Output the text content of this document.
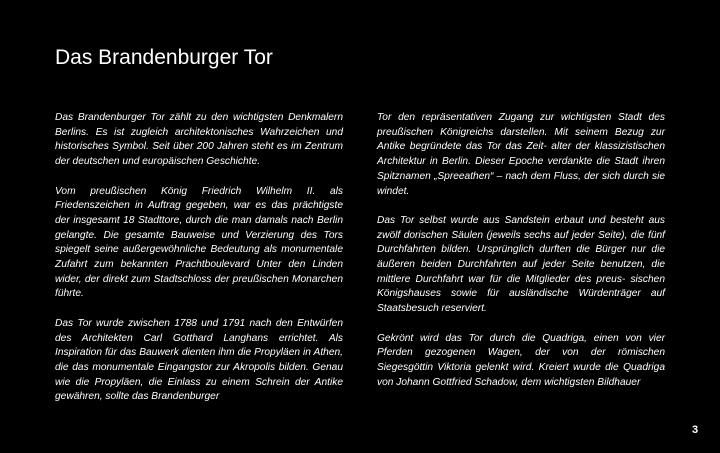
Das Brandenburger Tor

Das Brandenburger Tor zählt zu den wichtigsten Denkmalern Berlins. Es ist zugleich architektonisches Wahrzeichen und historisches Symbol. Seit über 200 Jahren steht es im Zentrum der deutschen und europäischen Geschichte.

Vom preußischen König Friedrich Wilhelm II. als Friedenszeichen in Auftrag gegeben, war es das prächtigste der insgesamt 18 Stadttore, durch die man damals nach Berlin gelangte. Die gesamte Bauweise und Verzierung des Tors spiegelt seine außergewöhnliche Bedeutung als monumentale Zufahrt zum bekannten Prachtboulevard Unter den Linden wider, der direkt zum Stadtschloss der preußischen Monarchen führte.

Das Tor wurde zwischen 1788 und 1791 nach den Entwürfen des Architekten Carl Gotthard Langhans errichtet. Als Inspiration für das Bauwerk dienten ihm die Propyläen in Athen, die das monumentale Eingangstor zur Akropolis bilden. Genau wie die Propyläen, die Einlass zu einem Schrein der Antike gewähren, sollte das Brandenburger

Tor den repräsentativen Zugang zur wichtigsten Stadt des preußischen Königreichs darstellen. Mit seinem Bezug zur Antike begründete das Tor das Zeit- alter der klassizistischen Architektur in Berlin. Dieser Epoche verdankte die Stadt ihren Spitznamen „Spreeathen“ – nach dem Fluss, der sich durch sie windet.

Das Tor selbst wurde aus Sandstein erbaut und besteht aus zwölf dorischen Säulen (jeweils sechs auf jeder Seite), die fünf Durchfahrten bilden. Ursprünglich durften die Bürger nur die äußeren beiden Durchfahrten auf jeder Seite benutzen, die mittlere Durchfahrt war für die Mitglieder des preus- sischen Königshauses sowie für ausländische Würdenträger auf Staatsbesuch reserviert.

Gekrönt wird das Tor durch die Quadriga, einen von vier Pferden gezogenen Wagen, der von der römischen Siegesgöttin Viktoria gelenkt wird. Kreiert wurde die Quadriga von Johann Gottfried Schadow, dem wichtigsten Bildhauer

3
